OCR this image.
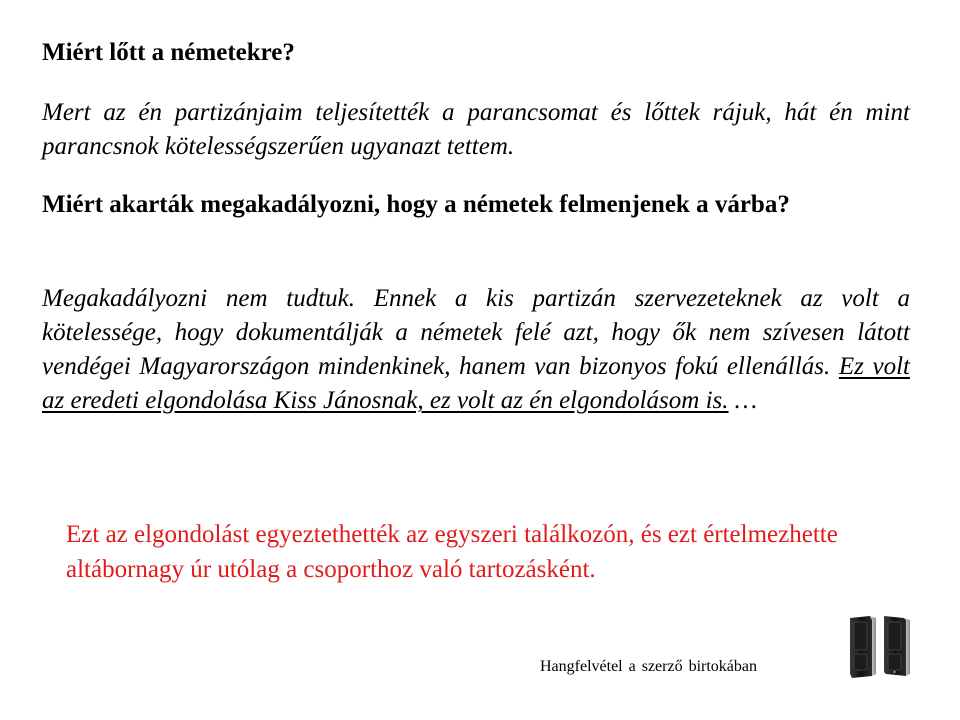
Miért lőtt a németekre?
Mert az én partizánjaim teljesítették a parancsomat és lőttek rájuk, hát én mint parancsnok kötelességszerűen ugyanazt tettem.
Miért akarták megakadályozni, hogy a németek felmenjenek a várba?
Megakadályozni nem tudtuk. Ennek a kis partizán szervezeteknek az volt a kötelessége, hogy dokumentálják a németek felé azt, hogy ők nem szívesen látott vendégei Magyarországon mindenkinek, hanem van bizonyos fokú ellenállás. Ez volt az eredeti elgondolása Kiss Jánosnak, ez volt az én elgondolásom is. …
Ezt az elgondolást egyeztethették az egyszeri találkozón, és ezt értelmezhette altábornagy úr utólag a csoporthoz való tartozásként.
Hangfelvétel a szerző birtokában
